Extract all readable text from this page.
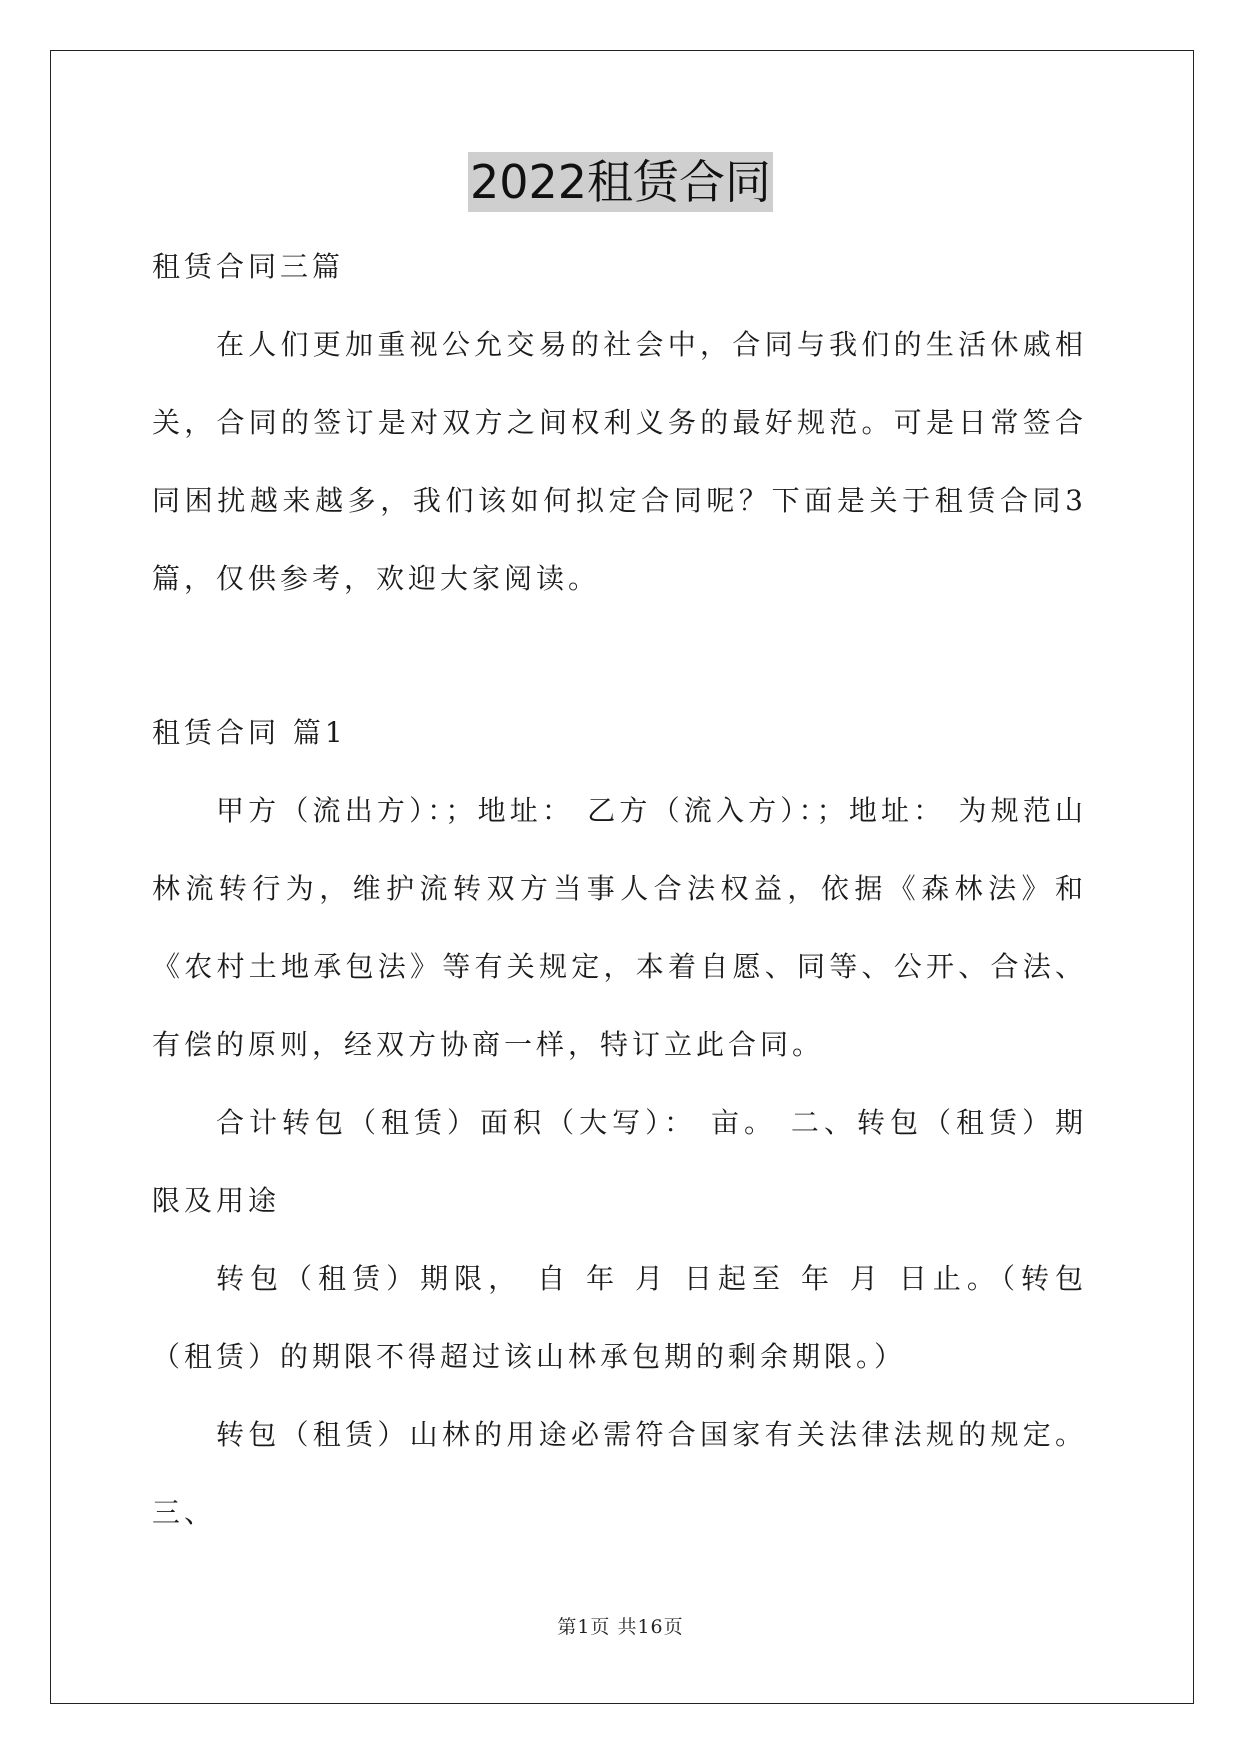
2022租赁合同

租赁合同三篇

在人们更加重视公允交易的社会中，合同与我们的生活休戚相关，合同的签订是对双方之间权利义务的最好规范。可是日常签合同困扰越来越多，我们该如何拟定合同呢？下面是关于租赁合同3篇，仅供参考，欢迎大家阅读。

租赁合同 篇1

甲方（流出方）：；地址： 乙方（流入方）：；地址： 为规范山林流转行为，维护流转双方当事人合法权益，依据《森林法》和《农村土地承包法》等有关规定，本着自愿、同等、公开、合法、有偿的原则，经双方协商一样，特订立此合同。

合计转包（租赁）面积（大写）： 亩。 二、转包（租赁）期限及用途

转包（租赁）期限， 自 年 月 日起至 年 月 日止。（转包（租赁）的期限不得超过该山林承包期的剩余期限。）

转包（租赁）山林的用途必需符合国家有关法律法规的规定。三、

第1页 共16页
